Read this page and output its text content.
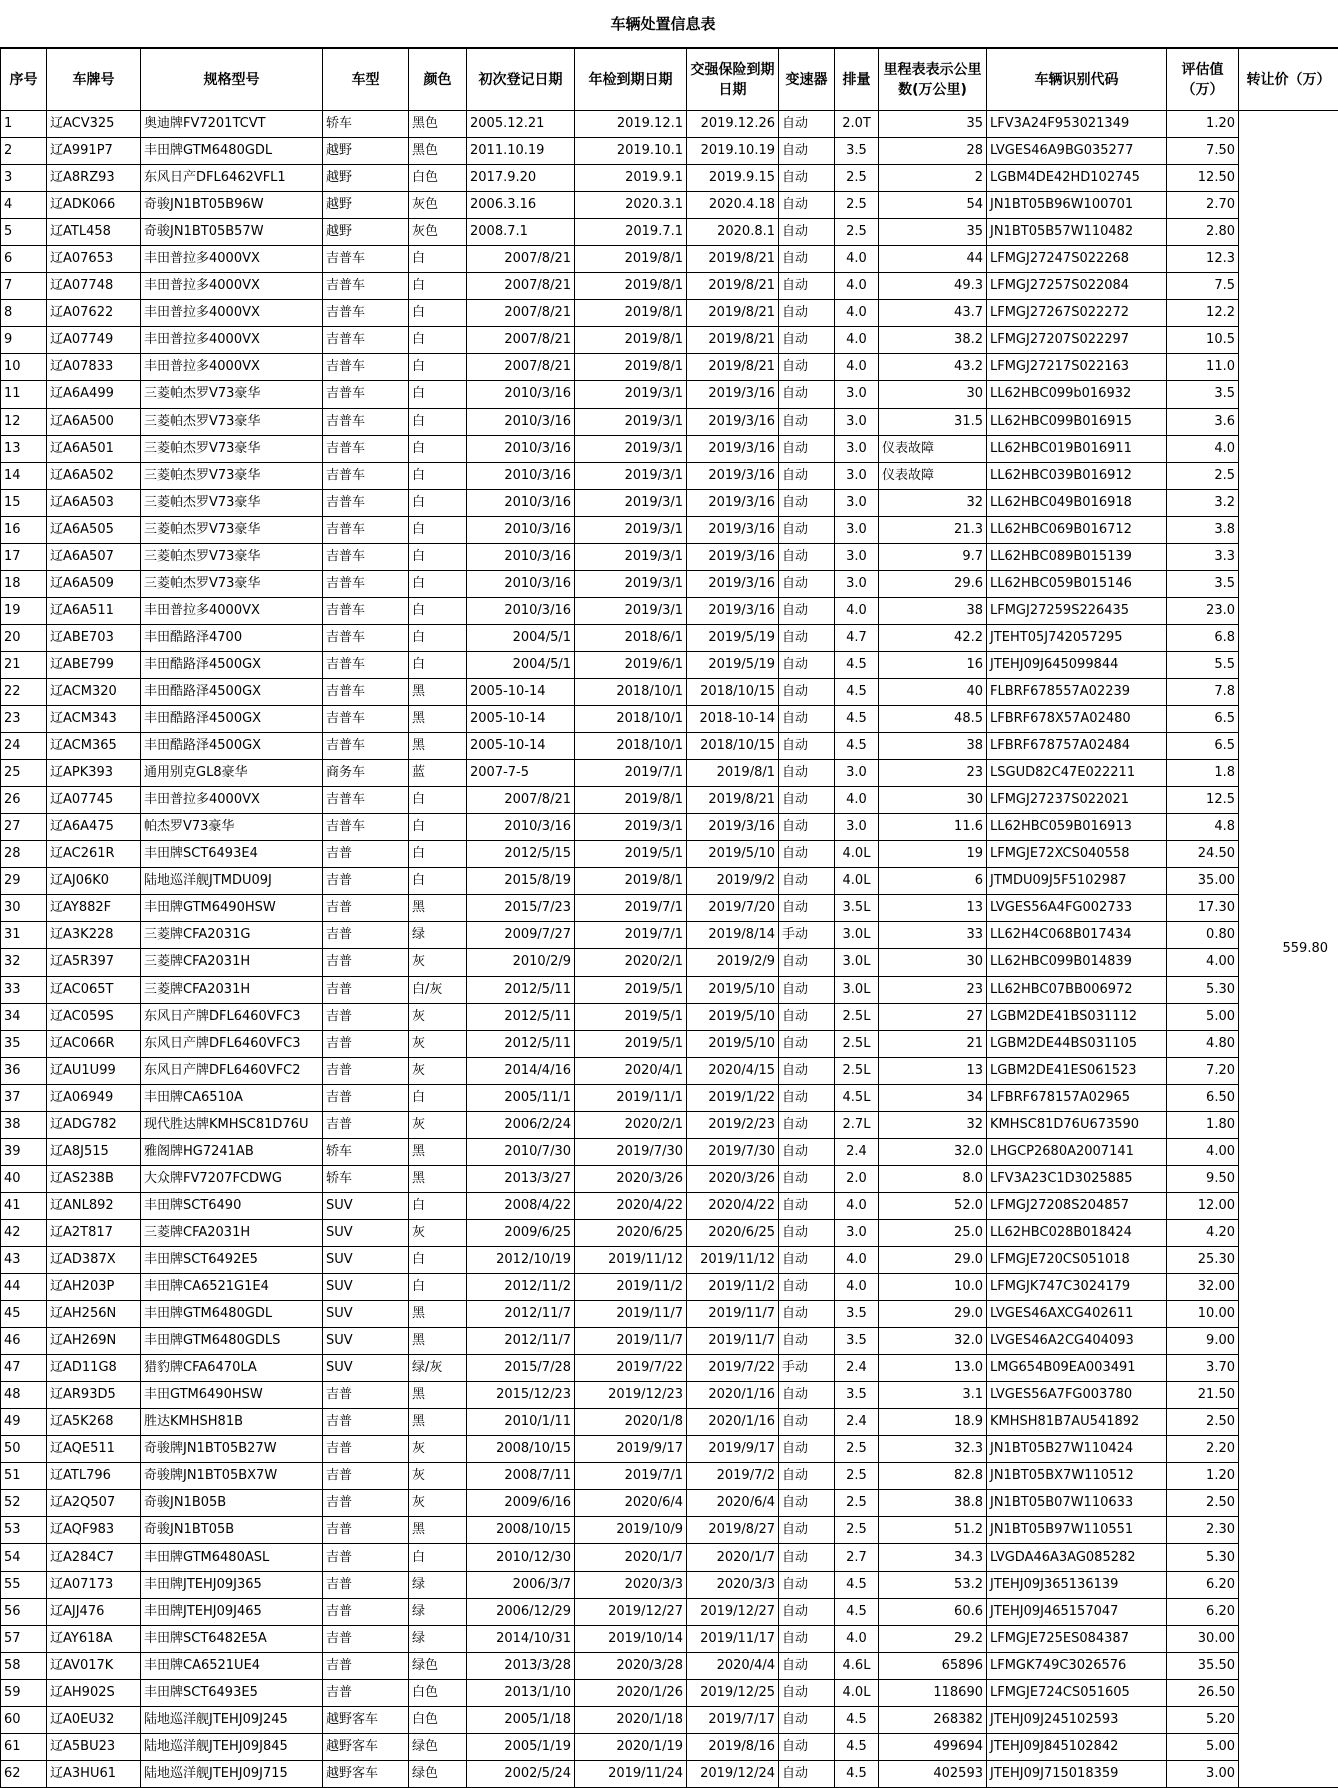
车辆处置信息表
序号	车牌号	规格型号	车型	颜色	初次登记日期	年检到期日期	交强保险到期日期	变速器	排量	里程表表示公里数(万公里)	车辆识别代码	评估值（万）	转让价（万）
1	辽ACV325	奥迪牌FV7201TCVT	轿车	黑色	2005.12.21	2019.12.1	2019.12.26	自动	2.0T	35	LFV3A24F953021349	1.20	559.80
2	辽A991P7	丰田牌GTM6480GDL	越野	黑色	2011.10.19	2019.10.1	2019.10.19	自动	3.5	28	LVGES46A9BG035277	7.50	
3	辽A8RZ93	东风日产DFL6462VFL1	越野	白色	2017.9.20	2019.9.1	2019.9.15	自动	2.5	2	LGBM4DE42HD102745	12.50	
4	辽ADK066	奇骏JN1BT05B96W	越野	灰色	2006.3.16	2020.3.1	2020.4.18	自动	2.5	54	JN1BT05B96W100701	2.70	
5	辽ATL458	奇骏JN1BT05B57W	越野	灰色	2008.7.1	2019.7.1	2020.8.1	自动	2.5	35	JN1BT05B57W110482	2.80	
6	辽A07653	丰田普拉多4000VX	吉普车	白	2007/8/21	2019/8/1	2019/8/21	自动	4.0	44	LFMGJ27247S022268	12.3	
7	辽A07748	丰田普拉多4000VX	吉普车	白	2007/8/21	2019/8/1	2019/8/21	自动	4.0	49.3	LFMGJ27257S022084	7.5	
8	辽A07622	丰田普拉多4000VX	吉普车	白	2007/8/21	2019/8/1	2019/8/21	自动	4.0	43.7	LFMGJ27267S022272	12.2	
9	辽A07749	丰田普拉多4000VX	吉普车	白	2007/8/21	2019/8/1	2019/8/21	自动	4.0	38.2	LFMGJ27207S022297	10.5	
10	辽A07833	丰田普拉多4000VX	吉普车	白	2007/8/21	2019/8/1	2019/8/21	自动	4.0	43.2	LFMGJ27217S022163	11.0	
11	辽A6A499	三菱帕杰罗V73豪华	吉普车	白	2010/3/16	2019/3/1	2019/3/16	自动	3.0	30	LL62HBC099b016932	3.5	
12	辽A6A500	三菱帕杰罗V73豪华	吉普车	白	2010/3/16	2019/3/1	2019/3/16	自动	3.0	31.5	LL62HBC099B016915	3.6	
13	辽A6A501	三菱帕杰罗V73豪华	吉普车	白	2010/3/16	2019/3/1	2019/3/16	自动	3.0	仪表故障	LL62HBC019B016911	4.0	
14	辽A6A502	三菱帕杰罗V73豪华	吉普车	白	2010/3/16	2019/3/1	2019/3/16	自动	3.0	仪表故障	LL62HBC039B016912	2.5	
15	辽A6A503	三菱帕杰罗V73豪华	吉普车	白	2010/3/16	2019/3/1	2019/3/16	自动	3.0	32	LL62HBC049B016918	3.2	
16	辽A6A505	三菱帕杰罗V73豪华	吉普车	白	2010/3/16	2019/3/1	2019/3/16	自动	3.0	21.3	LL62HBC069B016712	3.8	
17	辽A6A507	三菱帕杰罗V73豪华	吉普车	白	2010/3/16	2019/3/1	2019/3/16	自动	3.0	9.7	LL62HBC089B015139	3.3	
18	辽A6A509	三菱帕杰罗V73豪华	吉普车	白	2010/3/16	2019/3/1	2019/3/16	自动	3.0	29.6	LL62HBC059B015146	3.5	
19	辽A6A511	丰田普拉多4000VX	吉普车	白	2010/3/16	2019/3/1	2019/3/16	自动	4.0	38	LFMGJ27259S226435	23.0	
20	辽ABE703	丰田酷路泽4700	吉普车	白	2004/5/1	2018/6/1	2019/5/19	自动	4.7	42.2	JTEHT05J742057295	6.8	
21	辽ABE799	丰田酷路泽4500GX	吉普车	白	2004/5/1	2019/6/1	2019/5/19	自动	4.5	16	JTEHJ09J645099844	5.5	
22	辽ACM320	丰田酷路泽4500GX	吉普车	黑	2005-10-14	2018/10/1	2018/10/15	自动	4.5	40	FLBRF678557A02239	7.8	
23	辽ACM343	丰田酷路泽4500GX	吉普车	黑	2005-10-14	2018/10/1	2018-10-14	自动	4.5	48.5	LFBRF678X57A02480	6.5	
24	辽ACM365	丰田酷路泽4500GX	吉普车	黑	2005-10-14	2018/10/1	2018/10/15	自动	4.5	38	LFBRF678757A02484	6.5	
25	辽APK393	通用别克GL8豪华	商务车	蓝	2007-7-5	2019/7/1	2019/8/1	自动	3.0	23	LSGUD82C47E022211	1.8	
26	辽A07745	丰田普拉多4000VX	吉普车	白	2007/8/21	2019/8/1	2019/8/21	自动	4.0	30	LFMGJ27237S022021	12.5	
27	辽A6A475	帕杰罗V73豪华	吉普车	白	2010/3/16	2019/3/1	2019/3/16	自动	3.0	11.6	LL62HBC059B016913	4.8	
28	辽AC261R	丰田牌SCT6493E4	吉普	白	2012/5/15	2019/5/1	2019/5/10	自动	4.0L	19	LFMGJE72XCS040558	24.50	
29	辽AJ06K0	陆地巡洋舰JTMDU09J	吉普	白	2015/8/19	2019/8/1	2019/9/2	自动	4.0L	6	JTMDU09J5F5102987	35.00	
30	辽AY882F	丰田牌GTM6490HSW	吉普	黑	2015/7/23	2019/7/1	2019/7/20	自动	3.5L	13	LVGES56A4FG002733	17.30	
31	辽A3K228	三菱牌CFA2031G	吉普	绿	2009/7/27	2019/7/1	2019/8/14	手动	3.0L	33	LL62H4C068B017434	0.80	
32	辽A5R397	三菱牌CFA2031H	吉普	灰	2010/2/9	2020/2/1	2019/2/9	自动	3.0L	30	LL62HBC099B014839	4.00	
33	辽AC065T	三菱牌CFA2031H	吉普	白/灰	2012/5/11	2019/5/1	2019/5/10	自动	3.0L	23	LL62HBC07BB006972	5.30	
34	辽AC059S	东风日产牌DFL6460VFC3	吉普	灰	2012/5/11	2019/5/1	2019/5/10	自动	2.5L	27	LGBM2DE41BS031112	5.00	
35	辽AC066R	东风日产牌DFL6460VFC3	吉普	灰	2012/5/11	2019/5/1	2019/5/10	自动	2.5L	21	LGBM2DE44BS031105	4.80	
36	辽AU1U99	东风日产牌DFL6460VFC2	吉普	灰	2014/4/16	2020/4/1	2020/4/15	自动	2.5L	13	LGBM2DE41ES061523	7.20	
37	辽A06949	丰田牌CA6510A	吉普	白	2005/11/1	2019/11/1	2019/1/22	自动	4.5L	34	LFBRF678157A02965	6.50	
38	辽ADG782	现代胜达牌KMHSC81D76U	吉普	灰	2006/2/24	2020/2/1	2019/2/23	自动	2.7L	32	KMHSC81D76U673590	1.80	
39	辽A8J515	雅阁牌HG7241AB	轿车	黑	2010/7/30	2019/7/30	2019/7/30	自动	2.4	32.0	LHGCP2680A2007141	4.00	
40	辽AS238B	大众牌FV7207FCDWG	轿车	黑	2013/3/27	2020/3/26	2020/3/26	自动	2.0	8.0	LFV3A23C1D3025885	9.50	
41	辽ANL892	丰田牌SCT6490	SUV	白	2008/4/22	2020/4/22	2020/4/22	自动	4.0	52.0	LFMGJ27208S204857	12.00	
42	辽A2T817	三菱牌CFA2031H	SUV	灰	2009/6/25	2020/6/25	2020/6/25	自动	3.0	25.0	LL62HBC028B018424	4.20	
43	辽AD387X	丰田牌SCT6492E5	SUV	白	2012/10/19	2019/11/12	2019/11/12	自动	4.0	29.0	LFMGJE720CS051018	25.30	
44	辽AH203P	丰田牌CA6521G1E4	SUV	白	2012/11/2	2019/11/2	2019/11/2	自动	4.0	10.0	LFMGJK747C3024179	32.00	
45	辽AH256N	丰田牌GTM6480GDL	SUV	黑	2012/11/7	2019/11/7	2019/11/7	自动	3.5	29.0	LVGES46AXCG402611	10.00	
46	辽AH269N	丰田牌GTM6480GDLS	SUV	黑	2012/11/7	2019/11/7	2019/11/7	自动	3.5	32.0	LVGES46A2CG404093	9.00	
47	辽AD11G8	猎豹牌CFA6470LA	SUV	绿/灰	2015/7/28	2019/7/22	2019/7/22	手动	2.4	13.0	LMG654B09EA003491	3.70	
48	辽AR93D5	丰田GTM6490HSW	吉普	黑	2015/12/23	2019/12/23	2020/1/16	自动	3.5	3.1	LVGES56A7FG003780	21.50	
49	辽A5K268	胜达KMHSH81B	吉普	黑	2010/1/11	2020/1/8	2020/1/16	自动	2.4	18.9	KMHSH81B7AU541892	2.50	
50	辽AQE511	奇骏牌JN1BT05B27W	吉普	灰	2008/10/15	2019/9/17	2019/9/17	自动	2.5	32.3	JN1BT05B27W110424	2.20	
51	辽ATL796	奇骏牌JN1BT05BX7W	吉普	灰	2008/7/11	2019/7/1	2019/7/2	自动	2.5	82.8	JN1BT05BX7W110512	1.20	
52	辽A2Q507	奇骏JN1B05B	吉普	灰	2009/6/16	2020/6/4	2020/6/4	自动	2.5	38.8	JN1BT05B07W110633	2.50	
53	辽AQF983	奇骏JN1BT05B	吉普	黑	2008/10/15	2019/10/9	2019/8/27	自动	2.5	51.2	JN1BT05B97W110551	2.30	
54	辽A284C7	丰田牌GTM6480ASL	吉普	白	2010/12/30	2020/1/7	2020/1/7	自动	2.7	34.3	LVGDA46A3AG085282	5.30	
55	辽A07173	丰田牌JTEHJ09J365	吉普	绿	2006/3/7	2020/3/3	2020/3/3	自动	4.5	53.2	JTEHJ09J365136139	6.20	
56	辽AJJ476	丰田牌JTEHJ09J465	吉普	绿	2006/12/29	2019/12/27	2019/12/27	自动	4.5	60.6	JTEHJ09J465157047	6.20	
57	辽AY618A	丰田牌SCT6482E5A	吉普	绿	2014/10/31	2019/10/14	2019/11/17	自动	4.0	29.2	LFMGJE725ES084387	30.00	
58	辽AV017K	丰田牌CA6521UE4	吉普	绿色	2013/3/28	2020/3/28	2020/4/4	自动	4.6L	65896	LFMGK749C3026576	35.50	
59	辽AH902S	丰田牌SCT6493E5	吉普	白色	2013/1/10	2020/1/26	2019/12/25	自动	4.0L	118690	LFMGJE724CS051605	26.50	
60	辽A0EU32	陆地巡洋舰JTEHJ09J245	越野客车	白色	2005/1/18	2020/1/18	2019/7/17	自动	4.5	268382	JTEHJ09J245102593	5.20	
61	辽A5BU23	陆地巡洋舰JTEHJ09J845	越野客车	绿色	2005/1/19	2020/1/19	2019/8/16	自动	4.5	499694	JTEHJ09J845102842	5.00	
62	辽A3HU61	陆地巡洋舰JTEHJ09J715	越野客车	绿色	2002/5/24	2019/11/24	2019/12/24	自动	4.5	402593	JTEHJ09J715018359	3.00	
